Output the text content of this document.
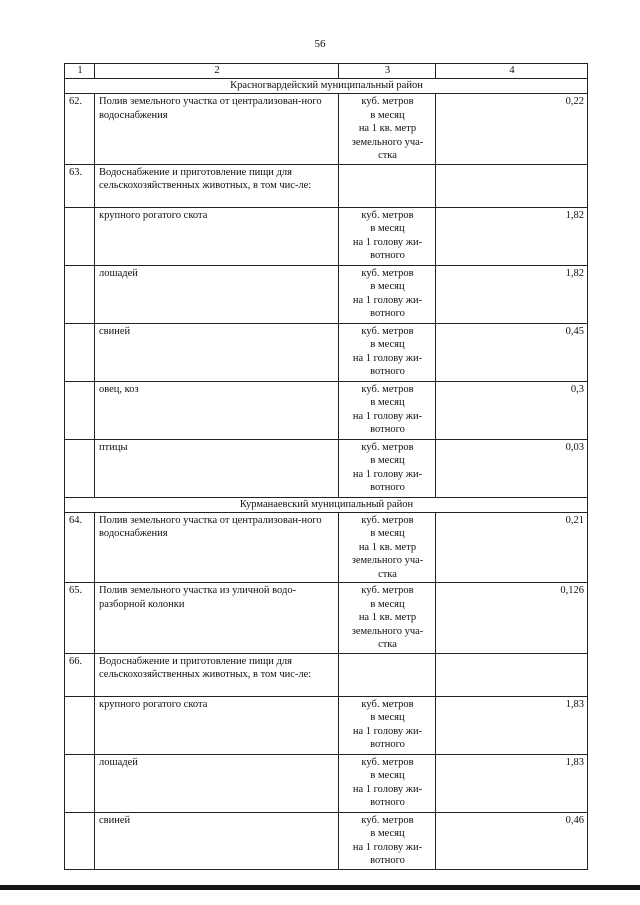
56
1	2	3	4
Красногвардейский муниципальный район			
62.	Полив земельного участка от централизован-ного водоснабжения	куб. метров
в месяц
на 1 кв. метр
земельного уча-
стка	0,22
63.	Водоснабжение и приготовление пищи для сельскохозяйственных животных, в том чис-ле:		
	крупного рогатого скота	куб. метров
в месяц
на 1 голову жи-
вотного	1,82
	лошадей	куб. метров
в месяц
на 1 голову жи-
вотного	1,82
	свиней	куб. метров
в месяц
на 1 голову жи-
вотного	0,45
	овец, коз	куб. метров
в месяц
на 1 голову жи-
вотного	0,3
	птицы	куб. метров
в месяц
на 1 голову жи-
вотного	0,03
Курманаевский муниципальный район			
64.	Полив земельного участка от централизован-ного водоснабжения	куб. метров
в месяц
на 1 кв. метр
земельного уча-
стка	0,21
65.	Полив земельного участка из уличной водо-разборной колонки	куб. метров
в месяц
на 1 кв. метр
земельного уча-
стка	0,126
66.	Водоснабжение и приготовление пищи для сельскохозяйственных животных, в том чис-ле:		
	крупного рогатого скота	куб. метров
в месяц
на 1 голову жи-
вотного	1,83
	лошадей	куб. метров
в месяц
на 1 голову жи-
вотного	1,83
	свиней	куб. метров
в месяц
на 1 голову жи-
вотного	0,46
